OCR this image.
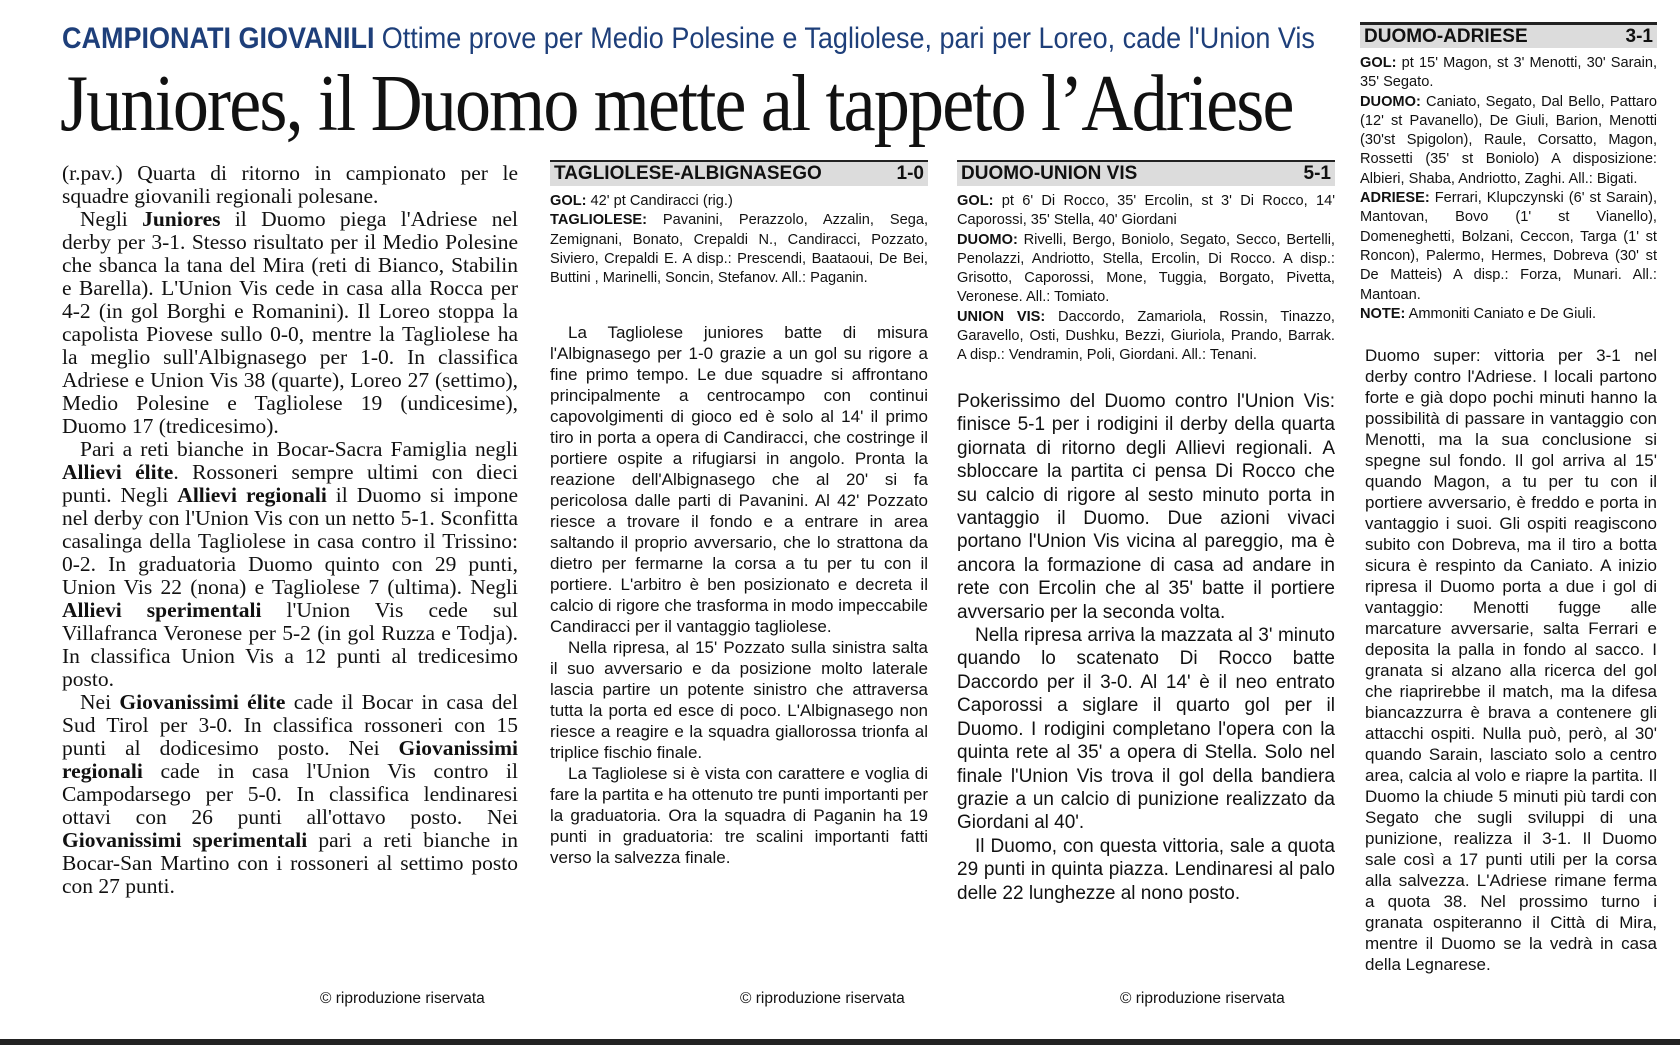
CAMPIONATI GIOVANILI Ottime prove per Medio Polesine e Tagliolese, pari per Loreo, cade l'Union Vis
Juniores, il Duomo mette al tappeto l’Adriese

(r.pav.) Quarta di ritorno in campionato per le squadre giovanili regionali polesane.

Negli Juniores il Duomo piega l'Adriese nel derby per 3-1. Stesso risultato per il Medio Polesine che sbanca la tana del Mira (reti di Bianco, Stabilin e Barella). L'Union Vis cede in casa alla Rocca per 4-2 (in gol Borghi e Romanini). Il Loreo stoppa la capolista Piovese sullo 0-0, mentre la Tagliolese ha la meglio sull'Albignasego per 1-0. In classifica Adriese e Union Vis 38 (quarte), Loreo 27 (settimo), Medio Polesine e Tagliolese 19 (undicesime), Duomo 17 (tredicesimo).

Pari a reti bianche in Bocar-Sacra Famiglia negli Allievi élite. Rossoneri sempre ultimi con dieci punti. Negli Allievi regionali il Duomo si impone nel derby con l'Union Vis con un netto 5-1. Sconfitta casalinga della Tagliolese in casa contro il Trissino: 0-2. In graduatoria Duomo quinto con 29 punti, Union Vis 22 (nona) e Tagliolese 7 (ultima). Negli Allievi sperimentali l'Union Vis cede sul Villafranca Veronese per 5-2 (in gol Ruzza e Todja). In classifica Union Vis a 12 punti al tredicesimo posto.

Nei Giovanissimi élite cade il Bocar in casa del Sud Tirol per 3-0. In classifica rossoneri con 15 punti al dodicesimo posto. Nei Giovanissimi regionali cade in casa l'Union Vis contro il Campodarsego per 5-0. In classifica lendinaresi ottavi con 26 punti all'ottavo posto. Nei Giovanissimi sperimentali pari a reti bianche in Bocar-San Martino con i rossoneri al settimo posto con 27 punti.

© riproduzione riservata
TAGLIOLESE-ALBIGNASEGO	1-0

GOL: 42' pt Candiracci (rig.)

TAGLIOLESE: Pavanini, Perazzolo, Azzalin, Sega, Zemignani, Bonato, Crepaldi N., Candiracci, Pozzato, Siviero, Crepaldi E. A disp.: Prescendi, Baataoui, De Bei, Buttini , Marinelli, Soncin, Stefanov. All.: Paganin.

La Tagliolese juniores batte di misura l'Albignasego per 1-0 grazie a un gol su rigore a fine primo tempo. Le due squadre si affrontano principalmente a centrocampo con continui capovolgimenti di gioco ed è solo al 14' il primo tiro in porta a opera di Candiracci, che costringe il portiere ospite a rifugiarsi in angolo. Pronta la reazione dell'Albignasego che al 20' si fa pericolosa dalle parti di Pavanini. Al 42' Pozzato riesce a trovare il fondo e a entrare in area saltando il proprio avversario, che lo strattona da dietro per fermarne la corsa a tu per tu con il portiere. L'arbitro è ben posizionato e decreta il calcio di rigore che trasforma in modo impeccabile Candiracci per il vantaggio tagliolese.

Nella ripresa, al 15' Pozzato sulla sinistra salta il suo avversario e da posizione molto laterale lascia partire un potente sinistro che attraversa tutta la porta ed esce di poco. L'Albignasego non riesce a reagire e la squadra giallorossa trionfa al triplice fischio finale.

La Tagliolese si è vista con carattere e voglia di fare la partita e ha ottenuto tre punti importanti per la graduatoria. Ora la squadra di Paganin ha 19 punti in graduatoria: tre scalini importanti fatti verso la salvezza finale.

© riproduzione riservata
DUOMO-UNION VIS	5-1

GOL: pt 6' Di Rocco, 35' Ercolin, st 3' Di Rocco, 14' Caporossi, 35' Stella, 40' Giordani

DUOMO: Rivelli, Bergo, Boniolo, Segato, Secco, Bertelli, Penolazzi, Andriotto, Stella, Ercolin, Di Rocco. A disp.: Grisotto, Caporossi, Mone, Tuggia, Borgato, Pivetta, Veronese. All.: Tomiato.

UNION VIS: Daccordo, Zamariola, Rossin, Tinazzo, Garavello, Osti, Dushku, Bezzi, Giuriola, Prando, Barrak. A disp.: Vendramin, Poli, Giordani. All.: Tenani.

Pokerissimo del Duomo contro l'Union Vis: finisce 5-1 per i rodigini il derby della quarta giornata di ritorno degli Allievi regionali. A sbloccare la partita ci pensa Di Rocco che su calcio di rigore al sesto minuto porta in vantaggio il Duomo. Due azioni vivaci portano l'Union Vis vicina al pareggio, ma è ancora la formazione di casa ad andare in rete con Ercolin che al 35' batte il portiere avversario per la seconda volta.

Nella ripresa arriva la mazzata al 3' minuto quando lo scatenato Di Rocco batte Daccordo per il 3-0. Al 14' è il neo entrato Caporossi a siglare il quarto gol per il Duomo. I rodigini completano l'opera con la quinta rete al 35' a opera di Stella. Solo nel finale l'Union Vis trova il gol della bandiera grazie a un calcio di punizione realizzato da Giordani al 40'.

Il Duomo, con questa vittoria, sale a quota 29 punti in quinta piazza. Lendinaresi al palo delle 22 lunghezze al nono posto.

© riproduzione riservata
DUOMO-ADRIESE	3-1

GOL: pt 15' Magon, st 3' Menotti, 30' Sarain, 35' Segato.

DUOMO: Caniato, Segato, Dal Bello, Pattaro (12' st Pavanello), De Giuli, Barion, Menotti (30'st Spigolon), Raule, Corsatto, Magon, Rossetti (35' st Boniolo) A disposizione: Albieri, Shaba, Andriotto, Zaghi. All.: Bigati.

ADRIESE: Ferrari, Klupczynski (6' st Sarain), Mantovan, Bovo (1' st Vianello), Domeneghetti, Bolzani, Ceccon, Targa (1' st Roncon), Palermo, Hermes, Dobreva (30' st De Matteis) A disp.: Forza, Munari. All.: Mantoan.

NOTE: Ammoniti Caniato e De Giuli.

Duomo super: vittoria per 3-1 nel derby contro l'Adriese. I locali partono forte e già dopo pochi minuti hanno la possibilità di passare in vantaggio con Menotti, ma la sua conclusione si spegne sul fondo. Il gol arriva al 15' quando Magon, a tu per tu con il portiere avversario, è freddo e porta in vantaggio i suoi. Gli ospiti reagiscono subito con Dobreva, ma il tiro a botta sicura è respinto da Caniato. A inizio ripresa il Duomo porta a due i gol di vantaggio: Menotti fugge alle marcature avversarie, salta Ferrari e deposita la palla in fondo al sacco. I granata si alzano alla ricerca del gol che riaprirebbe il match, ma la difesa biancazzurra è brava a contenere gli attacchi ospiti. Nulla può, però, al 30' quando Sarain, lasciato solo a centro area, calcia al volo e riapre la partita. Il Duomo la chiude 5 minuti più tardi con Segato che sugli sviluppi di una punizione, realizza il 3-1. Il Duomo sale così a 17 punti utili per la corsa alla salvezza. L'Adriese rimane ferma a quota 38. Nel prossimo turno i granata ospiteranno il Città di Mira, mentre il Duomo se la vedrà in casa della Legnarese.
